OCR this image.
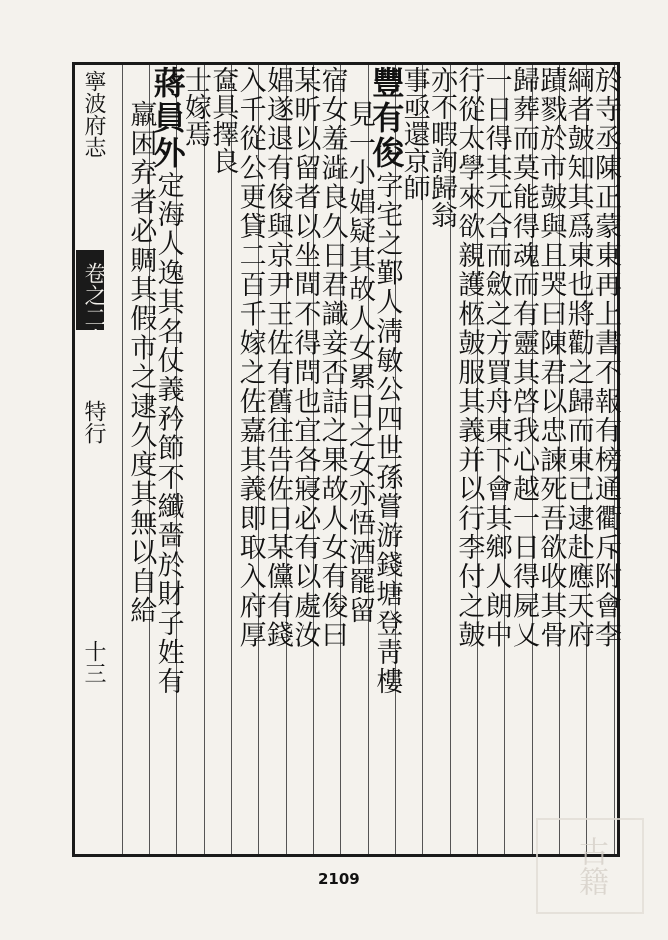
寧波府志
卷之二十七
特行
十三
於寺丞陳正蒙東再上書不報有榜通衢斥附會李
綱者皷知其爲東也將勸之歸而東已逮赴應天府
蹟戮於市皷與且哭曰陳君以忠諫死吾欲收其骨
歸葬而莫能得魂而有靈其啓我心越一日得屍乂
一日得其元合而斂之方買舟東下會其鄉人朗中
行從太學來欲親護柩皷服其義并以行李付之皷
亦不暇詢歸翁
事亟還京師
豐有俊字宅之鄞人淸敏公四世孫嘗游錢塘登靑樓
見一小娼疑其故人女累日之女亦悟酒罷留
宿女羞澁良久日君識妾否詰之果故人女有俊曰
某昕以留者以坐間不得問也宜各寢必有以處汝
娼遂退有俊與京尹王佐有舊往告佐日某儻有錢
入千從公更貸二百千嫁之佐嘉其義即取入府厚
奩具擇良
士嫁焉
蔣員外定海人逸其名仗義矜節不纖嗇於財子姓有
羸困弃者必賙其假市之逮久度其無以自給
2109	古籍
